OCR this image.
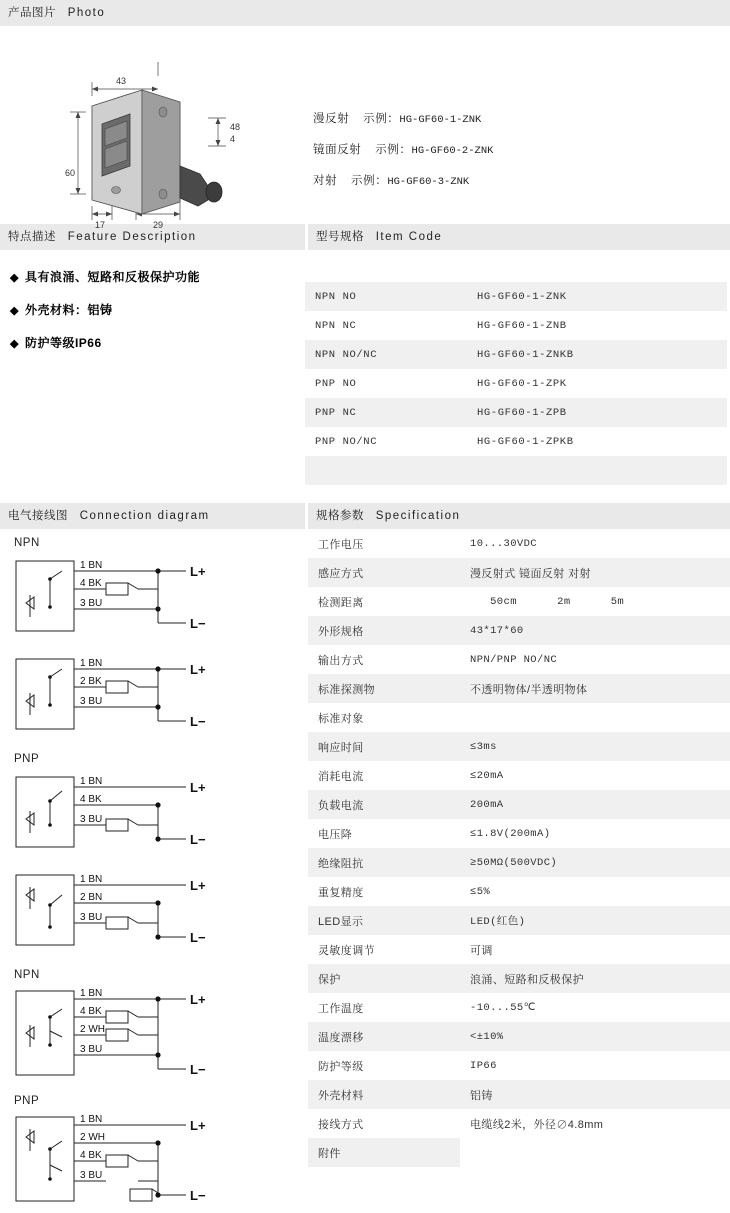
产品图片 Photo
43
60
17	29
48
4
漫反射 示例：HG-GF60-1-ZNK
镜面反射 示例：HG-GF60-2-ZNK
对射 示例：HG-GF60-3-ZNK
特点描述 Feature Description	型号规格 Item Code
◆ 具有浪涌、短路和反极保护功能
◆ 外壳材料：铝铸
◆ 防护等级IP66
NPN NO	HG-GF60-1-ZNK
NPN NC	HG-GF60-1-ZNB
NPN NO/NC	HG-GF60-1-ZNKB
PNP NO	HG-GF60-1-ZPK
PNP NC	HG-GF60-1-ZPB
PNP NO/NC	HG-GF60-1-ZPKB

电气接线图 Connection diagram	规格参数 Specification
NPN
1 BN
4 BK
3 BU
L+
L−
1 BN
2 BK
3 BU
L+
L−
PNP
1 BN
4 BK
3 BU
L+
L−
1 BN
2 BN
3 BU
L+
L−
NPN
1 BN
4 BK
2 WH
3 BU
L+
L−
PNP
1 BN
2 WH
4 BK
3 BU
L+
L−
工作电压	10...30VDC
感应方式	漫反射式 镜面反射 对射
检测距离	50cm      2m      5m
外形规格	43*17*60
输出方式	NPN/PNP NO/NC
标准探测物	不透明物体/半透明物体
标准对象	
响应时间	≤3ms
消耗电流	≤20mA
负载电流	200mA
电压降	≤1.8V(200mA)
绝缘阻抗	≥50MΩ(500VDC)
重复精度	≤5%
LED显示	LED(红色)
灵敏度调节	可调
保护	浪涌、短路和反极保护
工作温度	-10...55℃
温度漂移	<±10%
防护等级	IP66
外壳材料	铝铸
接线方式	电缆线2米，外径∅4.8mm
附件	
